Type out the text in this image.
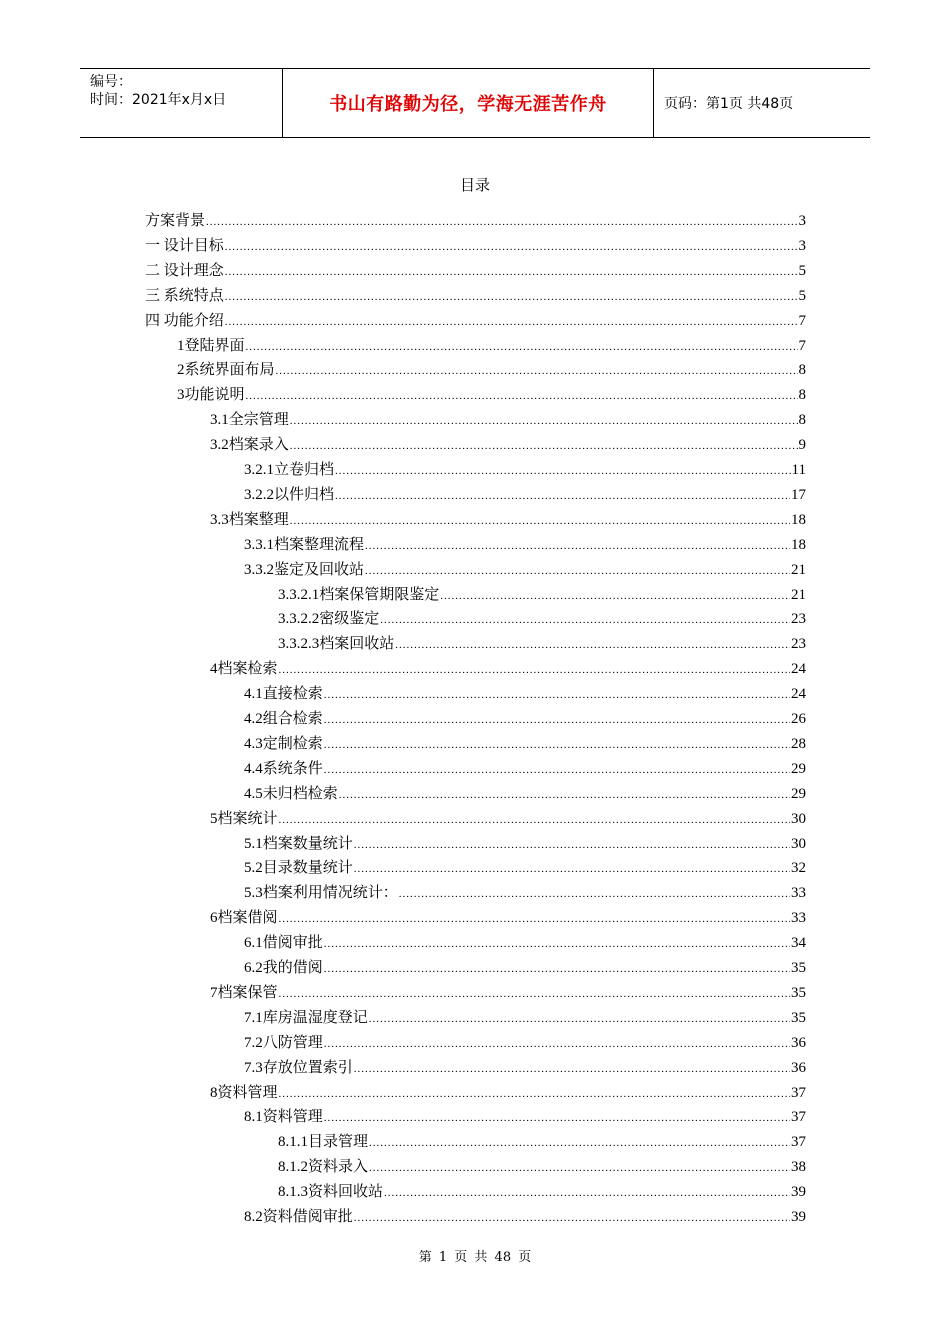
编号：
时间：2021年x月x日	书山有路勤为径，学海无涯苦作舟	页码：第1页 共48页
目录
方案背景 .....	3
一 设计目标 .....	3
二 设计理念 .....	5
三 系统特点 .....	5
四 功能介绍 .....	7
1登陆界面 .....	7
2系统界面布局 .....	8
3功能说明 .....	8
3.1全宗管理 .....	8
3.2档案录入 .....	9
3.2.1立卷归档 .....	11
3.2.2以件归档 .....	17
3.3档案整理 .....	18
3.3.1档案整理流程 .....	18
3.3.2鉴定及回收站 .....	21
3.3.2.1档案保管期限鉴定 .....	21
3.3.2.2密级鉴定 .....	23
3.3.2.3档案回收站 .....	23
4档案检索 .....	24
4.1直接检索 .....	24
4.2组合检索 .....	26
4.3定制检索 .....	28
4.4系统条件 .....	29
4.5未归档检索 .....	29
5档案统计 .....	30
5.1档案数量统计 .....	30
5.2目录数量统计 .....	32
5.3档案利用情况统计： .....	33
6档案借阅 .....	33
6.1借阅审批 .....	34
6.2我的借阅 .....	35
7档案保管 .....	35
7.1库房温湿度登记 .....	35
7.2八防管理 .....	36
7.3存放位置索引 .....	36
8资料管理 .....	37
8.1资料管理 .....	37
8.1.1目录管理 .....	37
8.1.2资料录入 .....	38
8.1.3资料回收站 .....	39
8.2资料借阅审批 .....	39
第 1 页 共 48 页
